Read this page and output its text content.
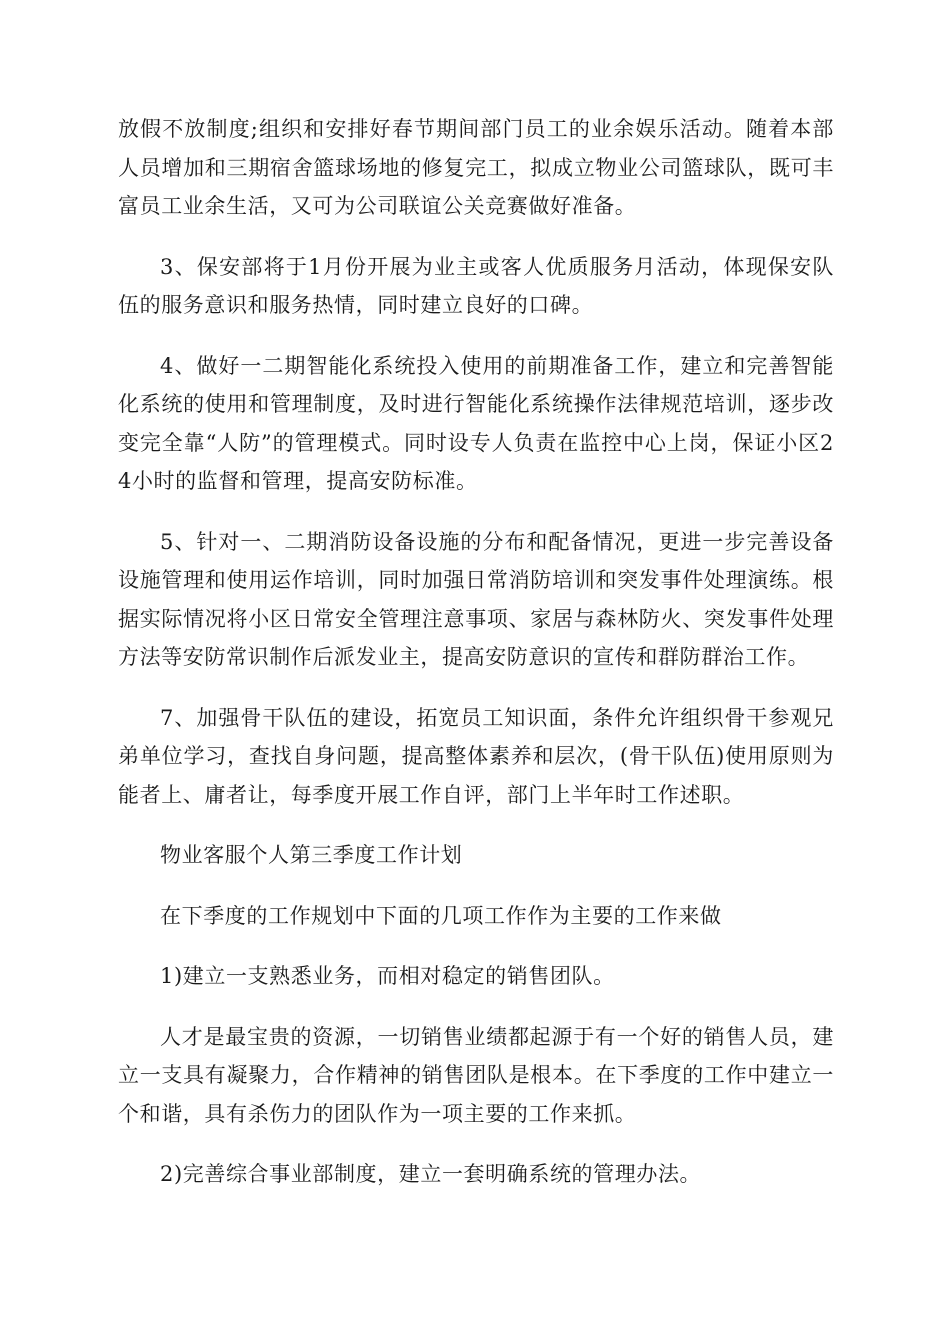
放假不放制度;组织和安排好春节期间部门员工的业余娱乐活动。随着本部人员增加和三期宿舍篮球场地的修复完工，拟成立物业公司篮球队，既可丰富员工业余生活，又可为公司联谊公关竞赛做好准备。

3、保安部将于1月份开展为业主或客人优质服务月活动，体现保安队伍的服务意识和服务热情，同时建立良好的口碑。

4、做好一二期智能化系统投入使用的前期准备工作，建立和完善智能化系统的使用和管理制度，及时进行智能化系统操作法律规范培训，逐步改变完全靠“人防”的管理模式。同时设专人负责在监控中心上岗，保证小区24小时的监督和管理，提高安防标准。

5、针对一、二期消防设备设施的分布和配备情况，更进一步完善设备设施管理和使用运作培训，同时加强日常消防培训和突发事件处理演练。根据实际情况将小区日常安全管理注意事项、家居与森林防火、突发事件处理方法等安防常识制作后派发业主，提高安防意识的宣传和群防群治工作。

7、加强骨干队伍的建设，拓宽员工知识面，条件允许组织骨干参观兄弟单位学习，查找自身问题，提高整体素养和层次，(骨干队伍)使用原则为能者上、庸者让，每季度开展工作自评，部门上半年时工作述职。

物业客服个人第三季度工作计划

在下季度的工作规划中下面的几项工作作为主要的工作来做

1)建立一支熟悉业务，而相对稳定的销售团队。

人才是最宝贵的资源，一切销售业绩都起源于有一个好的销售人员，建立一支具有凝聚力，合作精神的销售团队是根本。在下季度的工作中建立一个和谐，具有杀伤力的团队作为一项主要的工作来抓。

2)完善综合事业部制度，建立一套明确系统的管理办法。
